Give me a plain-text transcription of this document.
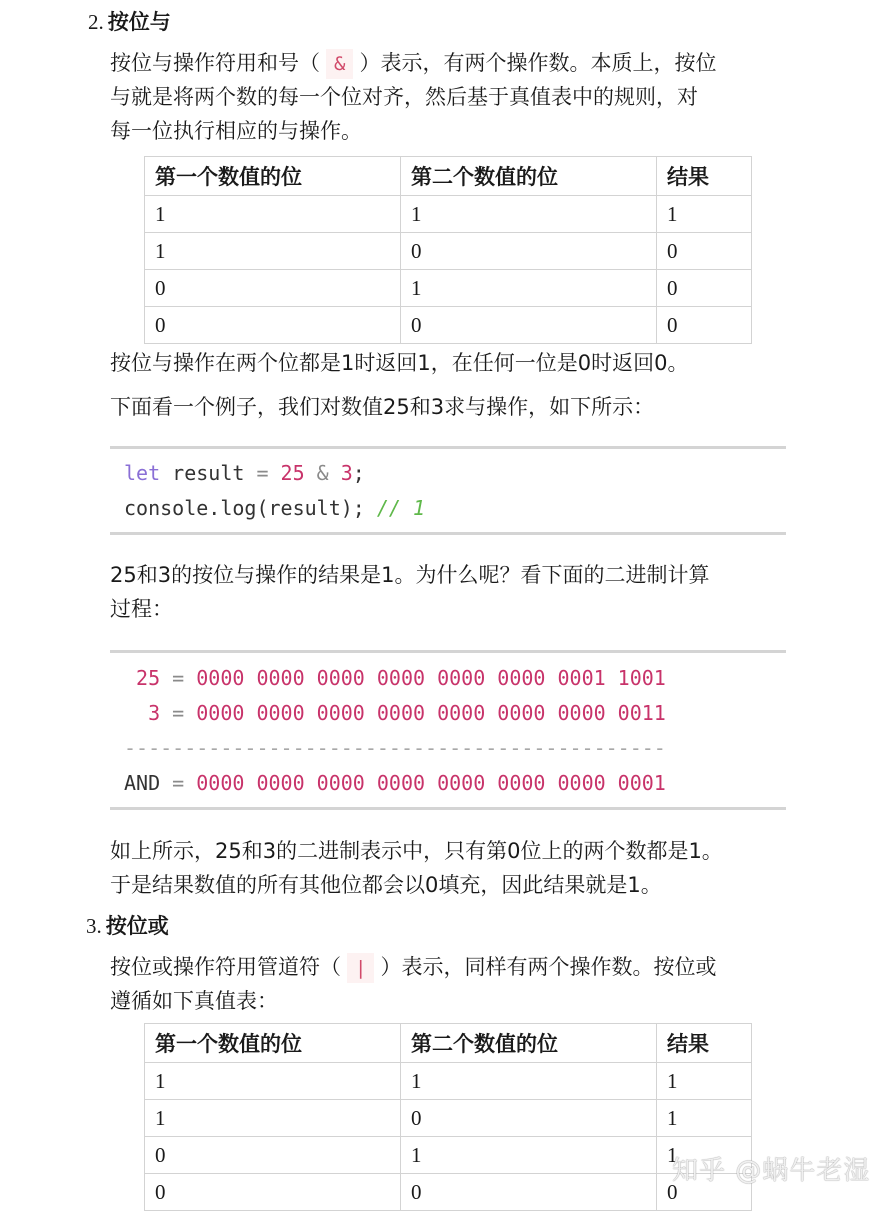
2. 按位与
按位与操作符用和号（ & ）表示，有两个操作数。本质上，按位
与就是将两个数的每一个位对齐，然后基于真值表中的规则，对
每一位执行相应的与操作。
第一个数值的位	第二个数值的位	结果
1	1	1
1	0	0
0	1	0
0	0	0
按位与操作在两个位都是1时返回1，在任何一位是0时返回0。
下面看一个例子，我们对数值25和3求与操作，如下所示：
let result = 25 & 3;
console.log(result); // 1
25和3的按位与操作的结果是1。为什么呢？看下面的二进制计算
过程：
25 = 0000 0000 0000 0000 0000 0000 0001 1001
3 = 0000 0000 0000 0000 0000 0000 0000 0011
---------------------------------------------
AND = 0000 0000 0000 0000 0000 0000 0000 0001
如上所示，25和3的二进制表示中，只有第0位上的两个数都是1。
于是结果数值的所有其他位都会以0填充，因此结果就是1。
3. 按位或
按位或操作符用管道符（ | ）表示，同样有两个操作数。按位或
遵循如下真值表：
第一个数值的位	第二个数值的位	结果
1	1	1
1	0	1
0	1	1
0	0	0
知乎 @蜗牛老湿
